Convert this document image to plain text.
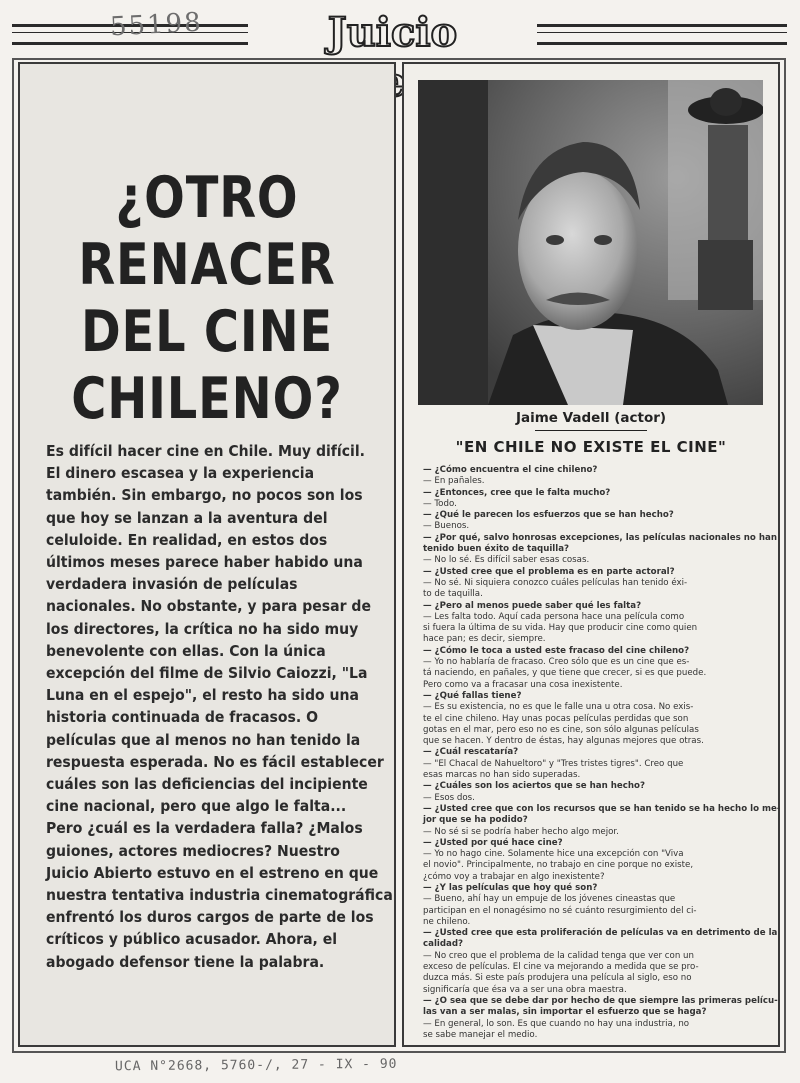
55198	Juicio
¿OTRO
RENACER
DEL CINE
CHILENO?
Es difícil hacer cine en Chile. Muy difícil.
El dinero escasea y la experiencia
también. Sin embargo, no pocos son los
que hoy se lanzan a la aventura del
celuloide. En realidad, en estos dos
últimos meses parece haber habido una
verdadera invasión de películas
nacionales. No obstante, y para pesar de
los directores, la crítica no ha sido muy
benevolente con ellas. Con la única
excepción del filme de Silvio Caiozzi, "La
Luna en el espejo", el resto ha sido una
historia continuada de fracasos. O
películas que al menos no han tenido la
respuesta esperada. No es fácil establecer
cuáles son las deficiencias del incipiente
cine nacional, pero que algo le falta...
Pero ¿cuál es la verdadera falla? ¿Malos
guiones, actores mediocres? Nuestro
Juicio Abierto estuvo en el estreno en que
nuestra tentativa industria cinematográfica
enfrentó los duros cargos de parte de los
críticos y público acusador. Ahora, el
abogado defensor tiene la palabra.
Jaime Vadell (actor)
"EN CHILE NO EXISTE EL CINE"
— ¿Cómo encuentra el cine chileno?
— En pañales.
— ¿Entonces, cree que le falta mucho?
— Todo.
— ¿Qué le parecen los esfuerzos que se han hecho?
— Buenos.
— ¿Por qué, salvo honrosas excepciones, las películas nacionales no han
tenido buen éxito de taquilla?
— No lo sé. Es difícil saber esas cosas.
— ¿Usted cree que el problema es en parte actoral?
— No sé. Ni siquiera conozco cuáles películas han tenido éxi-
to de taquilla.
— ¿Pero al menos puede saber qué les falta?
— Les falta todo. Aquí cada persona hace una película como
si fuera la última de su vida. Hay que producir cine como quien
hace pan; es decir, siempre.
— ¿Cómo le toca a usted este fracaso del cine chileno?
— Yo no hablaría de fracaso. Creo sólo que es un cine que es-
tá naciendo, en pañales, y que tiene que crecer, si es que puede.
Pero como va a fracasar una cosa inexistente.
— ¿Qué fallas tiene?
— Es su existencia, no es que le falle una u otra cosa. No exis-
te el cine chileno. Hay unas pocas películas perdidas que son
gotas en el mar, pero eso no es cine, son sólo algunas películas
que se hacen. Y dentro de éstas, hay algunas mejores que otras.
— ¿Cuál rescataría?
— "El Chacal de Nahueltoro" y "Tres tristes tigres". Creo que
esas marcas no han sido superadas.
— ¿Cuáles son los aciertos que se han hecho?
— Esos dos.
— ¿Usted cree que con los recursos que se han tenido se ha hecho lo me-
jor que se ha podido?
— No sé si se podría haber hecho algo mejor.
— ¿Usted por qué hace cine?
— Yo no hago cine. Solamente hice una excepción con "Viva
el novio". Principalmente, no trabajo en cine porque no existe,
¿cómo voy a trabajar en algo inexistente?
— ¿Y las películas que hoy qué son?
— Bueno, ahí hay un empuje de los jóvenes cineastas que
participan en el nonagésimo no sé cuánto resurgimiento del ci-
ne chileno.
— ¿Usted cree que esta proliferación de películas va en detrimento de la
calidad?
— No creo que el problema de la calidad tenga que ver con un
exceso de películas. El cine va mejorando a medida que se pro-
duzca más. Si este país produjera una película al siglo, eso no
significaría que ésa va a ser una obra maestra.
— ¿O sea que se debe dar por hecho de que siempre las primeras pelícu-
las van a ser malas, sin importar el esfuerzo que se haga?
— En general, lo son. Es que cuando no hay una industria, no
se sabe manejar el medio.
UCA N°2668, 5760-/, 27 - IX - 90
